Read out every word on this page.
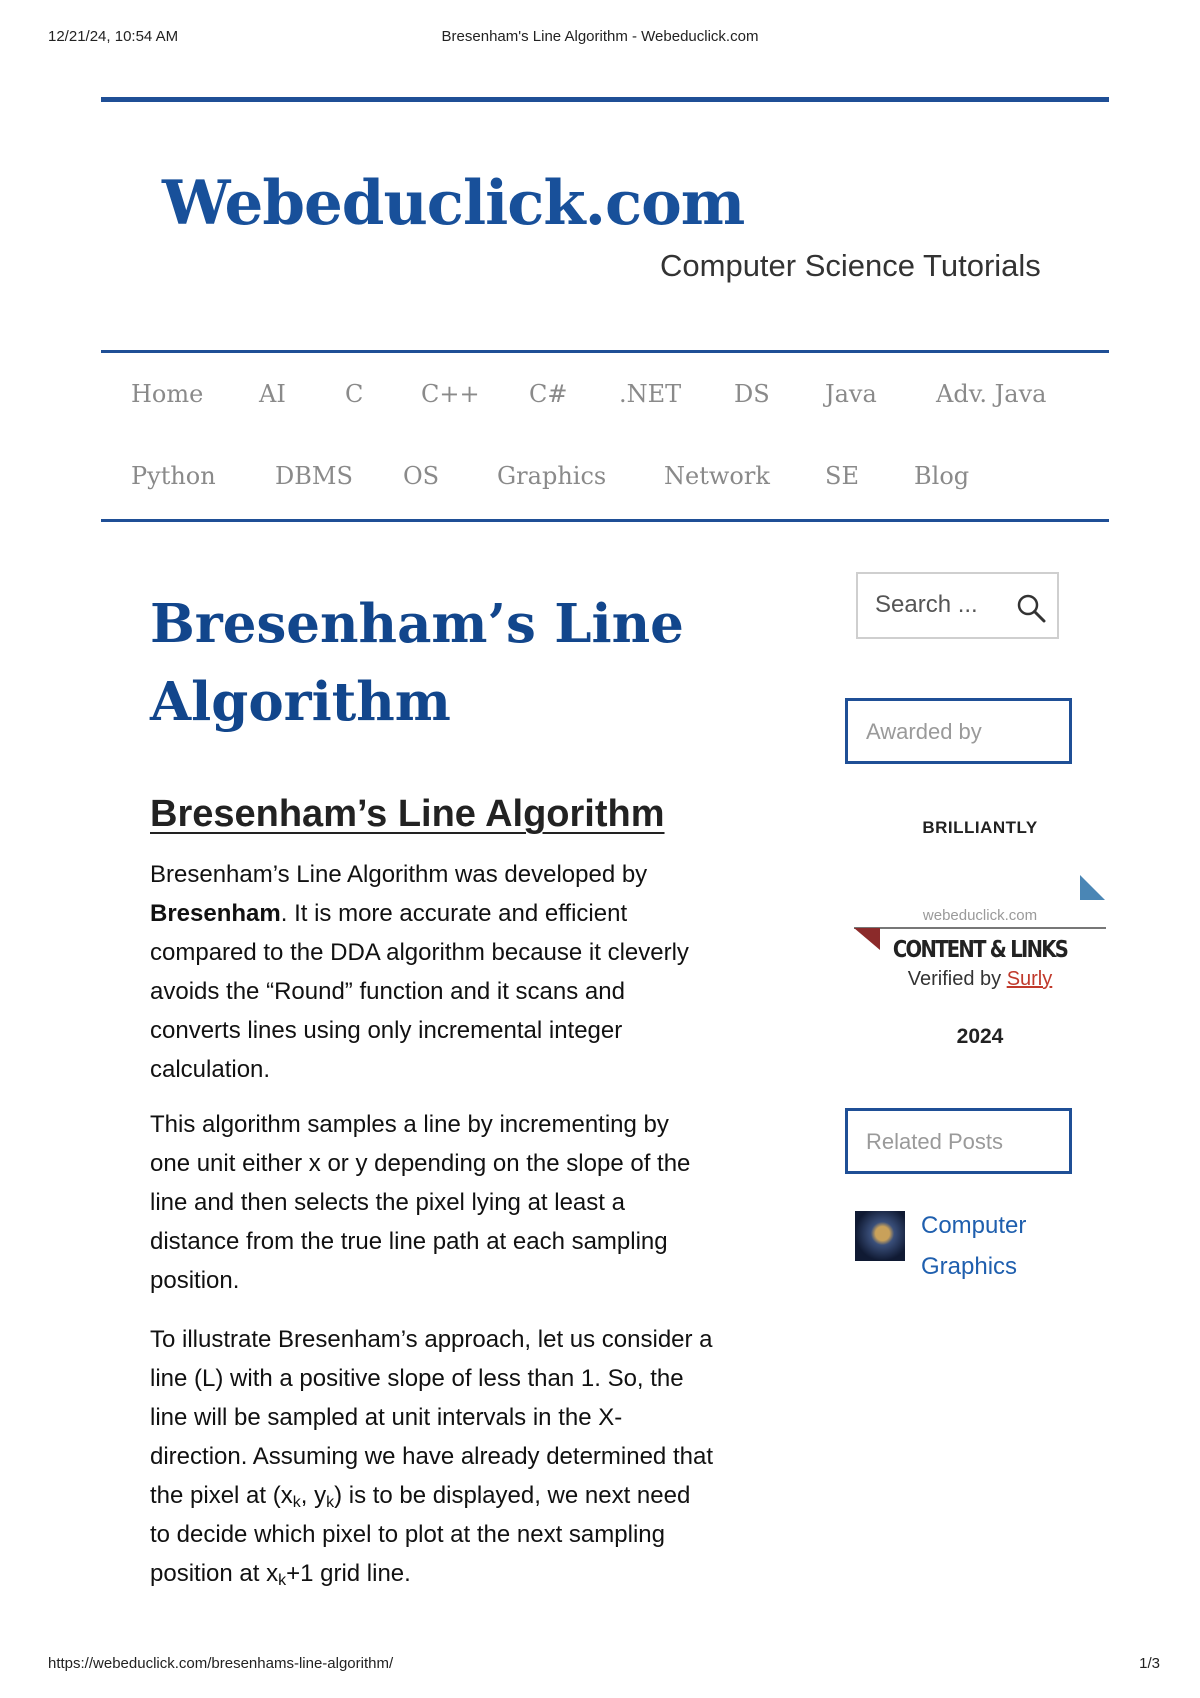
12/21/24, 10:54 AM	Bresenham's Line Algorithm - Webeduclick.com
Webeduclick.com
Computer Science Tutorials
Home AI C C++ C# .NET DS Java Adv. Java
Python DBMS OS Graphics Network SE Blog
Bresenham’s Line
Algorithm
Bresenham’s Line Algorithm
Bresenham’s Line Algorithm was developed by
Bresenham. It is more accurate and efficient
compared to the DDA algorithm because it cleverly
avoids the “Round” function and it scans and
converts lines using only incremental integer
calculation.
This algorithm samples a line by incrementing by
one unit either x or y depending on the slope of the
line and then selects the pixel lying at least a
distance from the true line path at each sampling
position.
To illustrate Bresenham’s approach, let us consider a
line (L) with a positive slope of less than 1. So, the
line will be sampled at unit intervals in the X-
direction. Assuming we have already determined that
the pixel at ($x_k$, $y_k$) is to be displayed, we next need
to decide which pixel to plot at the next sampling
position at $x_k+1$ grid line.
Search ...
Awarded by
BRILLIANTLY
webeduclick.com
CONTENT & LINKS
Verified by Surly
2024
Related Posts
Computer
Graphics
https://webeduclick.com/bresenhams-line-algorithm/	1/3
